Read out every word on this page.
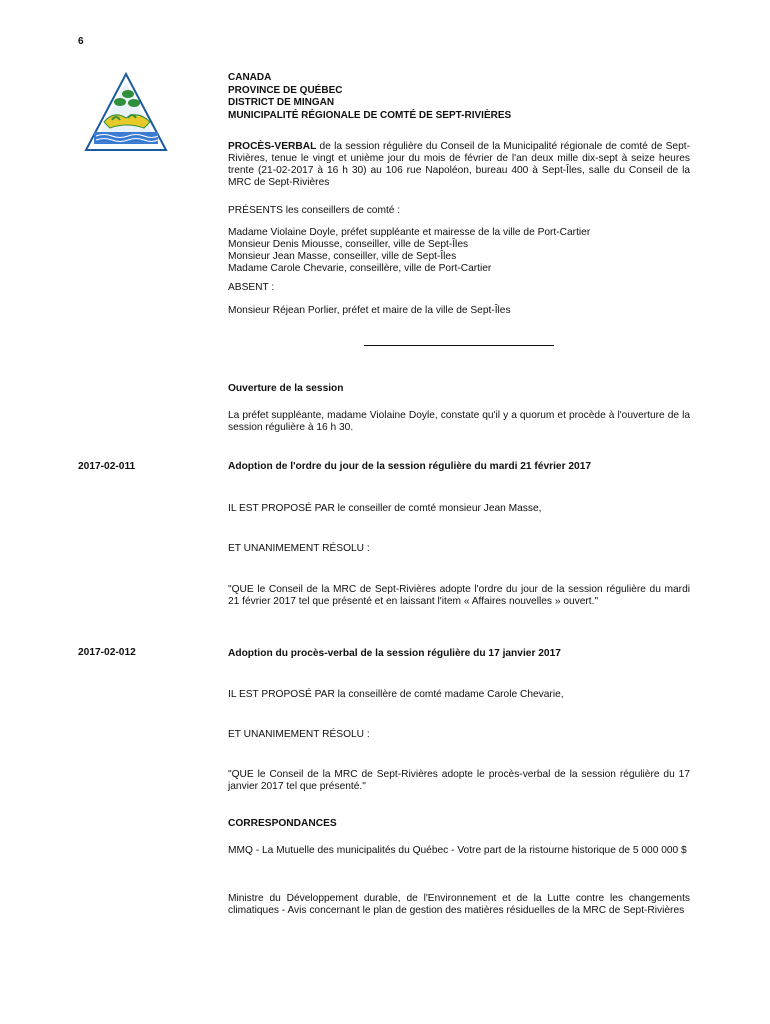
6

CANADA

PROVINCE DE QUÉBEC

DISTRICT DE MINGAN

MUNICIPALITÉ RÉGIONALE DE COMTÉ DE SEPT-RIVIÈRES

PROCÈS-VERBAL de la session régulière du Conseil de la Municipalité régionale de comté de Sept-Rivières, tenue le vingt et unième jour du mois de février de l'an deux mille dix-sept à seize heures trente (21-02-2017 à 16 h 30) au 106 rue Napoléon, bureau 400 à Sept-Îles, salle du Conseil de la MRC de Sept-Rivières
PRÉSENTS les conseillers de comté :

Madame Violaine Doyle, préfet suppléante et mairesse de la ville de Port-Cartier

Monsieur Denis Miousse, conseiller, ville de Sept-Îles

Monsieur Jean Masse, conseiller, ville de Sept-Îles

Madame Carole Chevarie, conseillère, ville de Port-Cartier

ABSENT :
Monsieur Réjean Porlier, préfet et maire de la ville de Sept-Îles
Ouverture de la session
La préfet suppléante, madame Violaine Doyle, constate qu'il y a quorum et procède à l'ouverture de la session régulière à 16 h 30.
2017-02-011	Adoption de l'ordre du jour de la session régulière du mardi 21 février 2017
IL EST PROPOSÉ PAR le conseiller de comté monsieur Jean Masse,
ET UNANIMEMENT RÉSOLU :
"QUE le Conseil de la MRC de Sept-Rivières adopte l'ordre du jour de la session régulière du mardi 21 février 2017 tel que présenté et en laissant l'item « Affaires nouvelles » ouvert."
2017-02-012	Adoption du procès-verbal de la session régulière du 17 janvier 2017
IL EST PROPOSÉ PAR la conseillère de comté madame Carole Chevarie,
ET UNANIMEMENT RÉSOLU :
"QUE le Conseil de la MRC de Sept-Rivières adopte le procès-verbal de la session régulière du 17 janvier 2017 tel que présenté."
CORRESPONDANCES
MMQ - La Mutuelle des municipalités du Québec - Votre part de la ristourne historique de 5 000 000 $
Ministre du Développement durable, de l'Environnement et de la Lutte contre les changements climatiques - Avis concernant le plan de gestion des matières résiduelles de la MRC de Sept-Rivières
